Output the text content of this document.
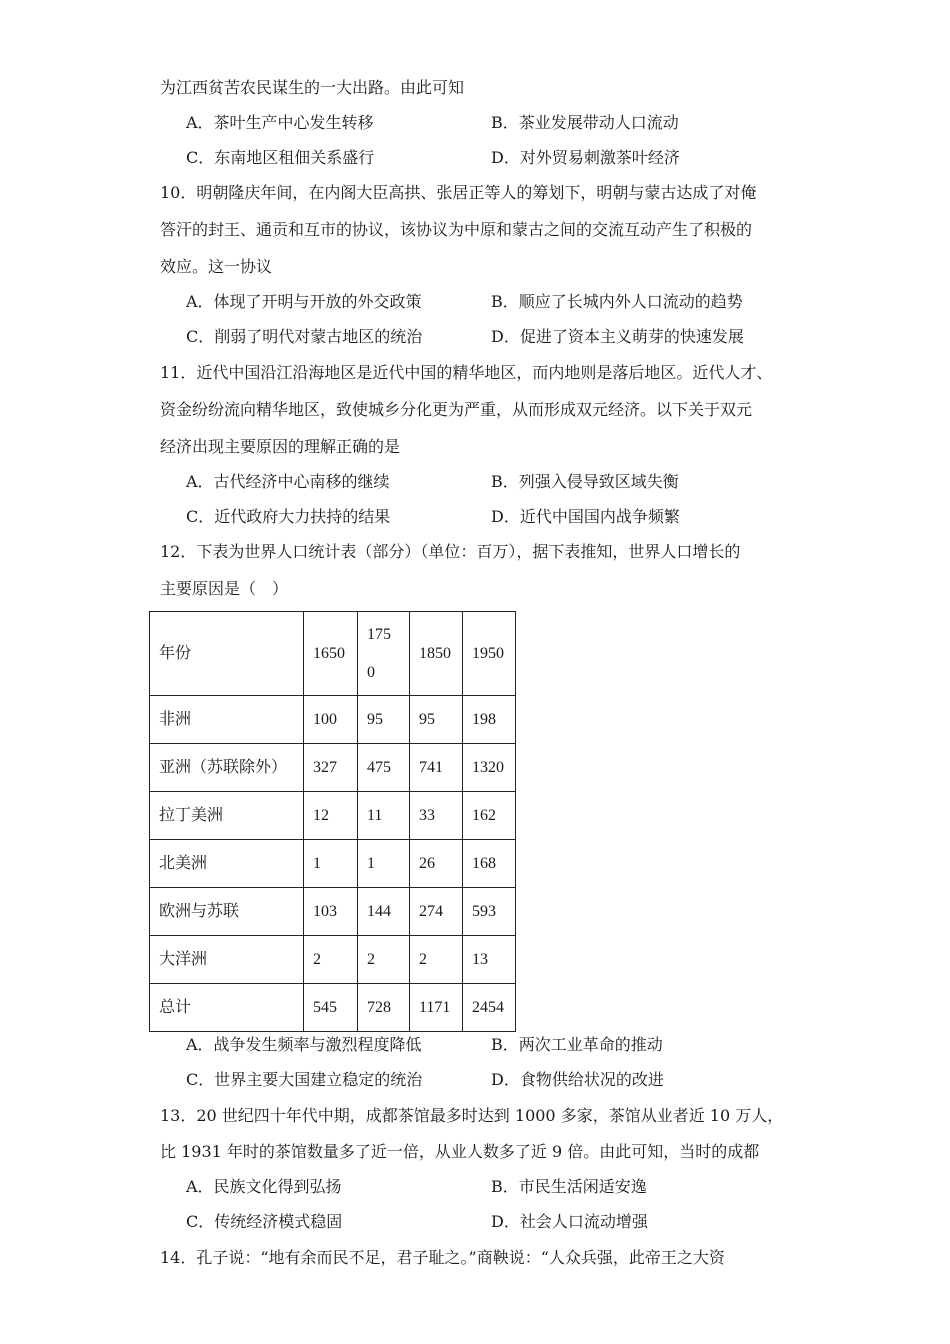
为江西贫苦农民谋生的一大出路。由此可知
A．茶叶生产中心发生转移	B．茶业发展带动人口流动
C．东南地区租佃关系盛行	D．对外贸易刺激茶叶经济
10．明朝隆庆年间，在内阁大臣高拱、张居正等人的筹划下，明朝与蒙古达成了对俺
答汗的封王、通贡和互市的协议，该协议为中原和蒙古之间的交流互动产生了积极的
效应。这一协议
A．体现了开明与开放的外交政策	B．顺应了长城内外人口流动的趋势
C．削弱了明代对蒙古地区的统治	D．促进了资本主义萌芽的快速发展
11．近代中国沿江沿海地区是近代中国的精华地区，而内地则是落后地区。近代人才、
资金纷纷流向精华地区，致使城乡分化更为严重，从而形成双元经济。以下关于双元
经济出现主要原因的理解正确的是
A．古代经济中心南移的继续	B．列强入侵导致区域失衡
C．近代政府大力扶持的结果	D．近代中国国内战争频繁
12．下表为世界人口统计表（部分）（单位：百万），据下表推知，世界人口增长的
主要原因是（　）
年份	1650	1750	1850	1950
非洲	100	95	95	198
亚洲（苏联除外）	327	475	741	1320
拉丁美洲	12	11	33	162
北美洲	1	1	26	168
欧洲与苏联	103	144	274	593
大洋洲	2	2	2	13
总计	545	728	1171	2454
A．战争发生频率与激烈程度降低	B．两次工业革命的推动
C．世界主要大国建立稳定的统治	D．食物供给状况的改进
13．20 世纪四十年代中期，成都茶馆最多时达到 1000 多家，茶馆从业者近 10 万人，
比 1931 年时的茶馆数量多了近一倍，从业人数多了近 9 倍。由此可知，当时的成都
A．民族文化得到弘扬	B．市民生活闲适安逸
C．传统经济模式稳固	D．社会人口流动增强
14．孔子说：“地有余而民不足，君子耻之。”商鞅说：“人众兵强，此帝王之大资
